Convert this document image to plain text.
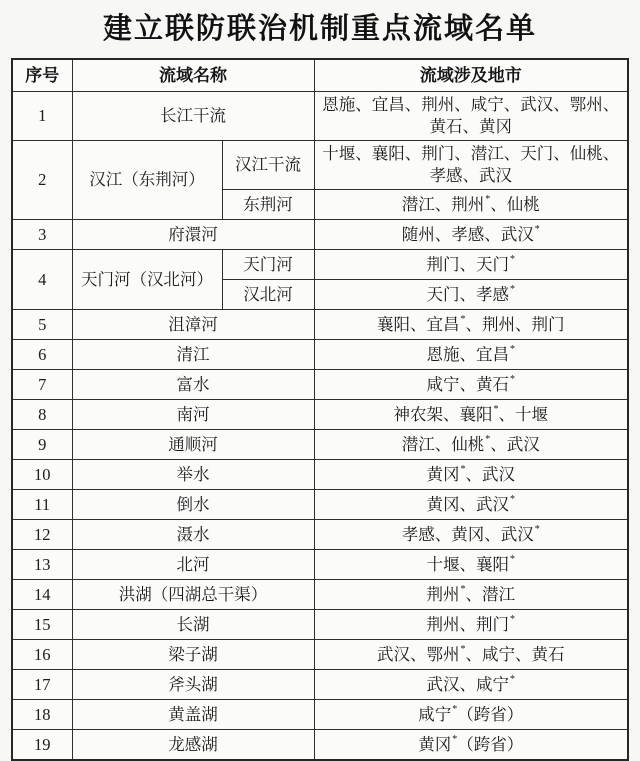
建立联防联治机制重点流域名单
序号	流域名称		流域涉及地市
1	长江干流		恩施、宜昌、荆州、咸宁、武汉、鄂州、黄石、黄冈
2	汉江（东荆河）	汉江干流	十堰、襄阳、荆门、潜江、天门、仙桃、孝感、武汉
		东荆河	潜江、荆州*、仙桃
3	府澴河		随州、孝感、武汉*
4	天门河（汉北河）	天门河	荆门、天门*
		汉北河	天门、孝感*
5	沮漳河		襄阳、宜昌*、荆州、荆门
6	清江		恩施、宜昌*
7	富水		咸宁、黄石*
8	南河		神农架、襄阳*、十堰
9	通顺河		潜江、仙桃*、武汉
10	举水		黄冈*、武汉
11	倒水		黄冈、武汉*
12	滠水		孝感、黄冈、武汉*
13	北河		十堰、襄阳*
14	洪湖（四湖总干渠）		荆州*、潜江
15	长湖		荆州、荆门*
16	梁子湖		武汉、鄂州*、咸宁、黄石
17	斧头湖		武汉、咸宁*
18	黄盖湖		咸宁*（跨省）
19	龙感湖		黄冈*（跨省）
